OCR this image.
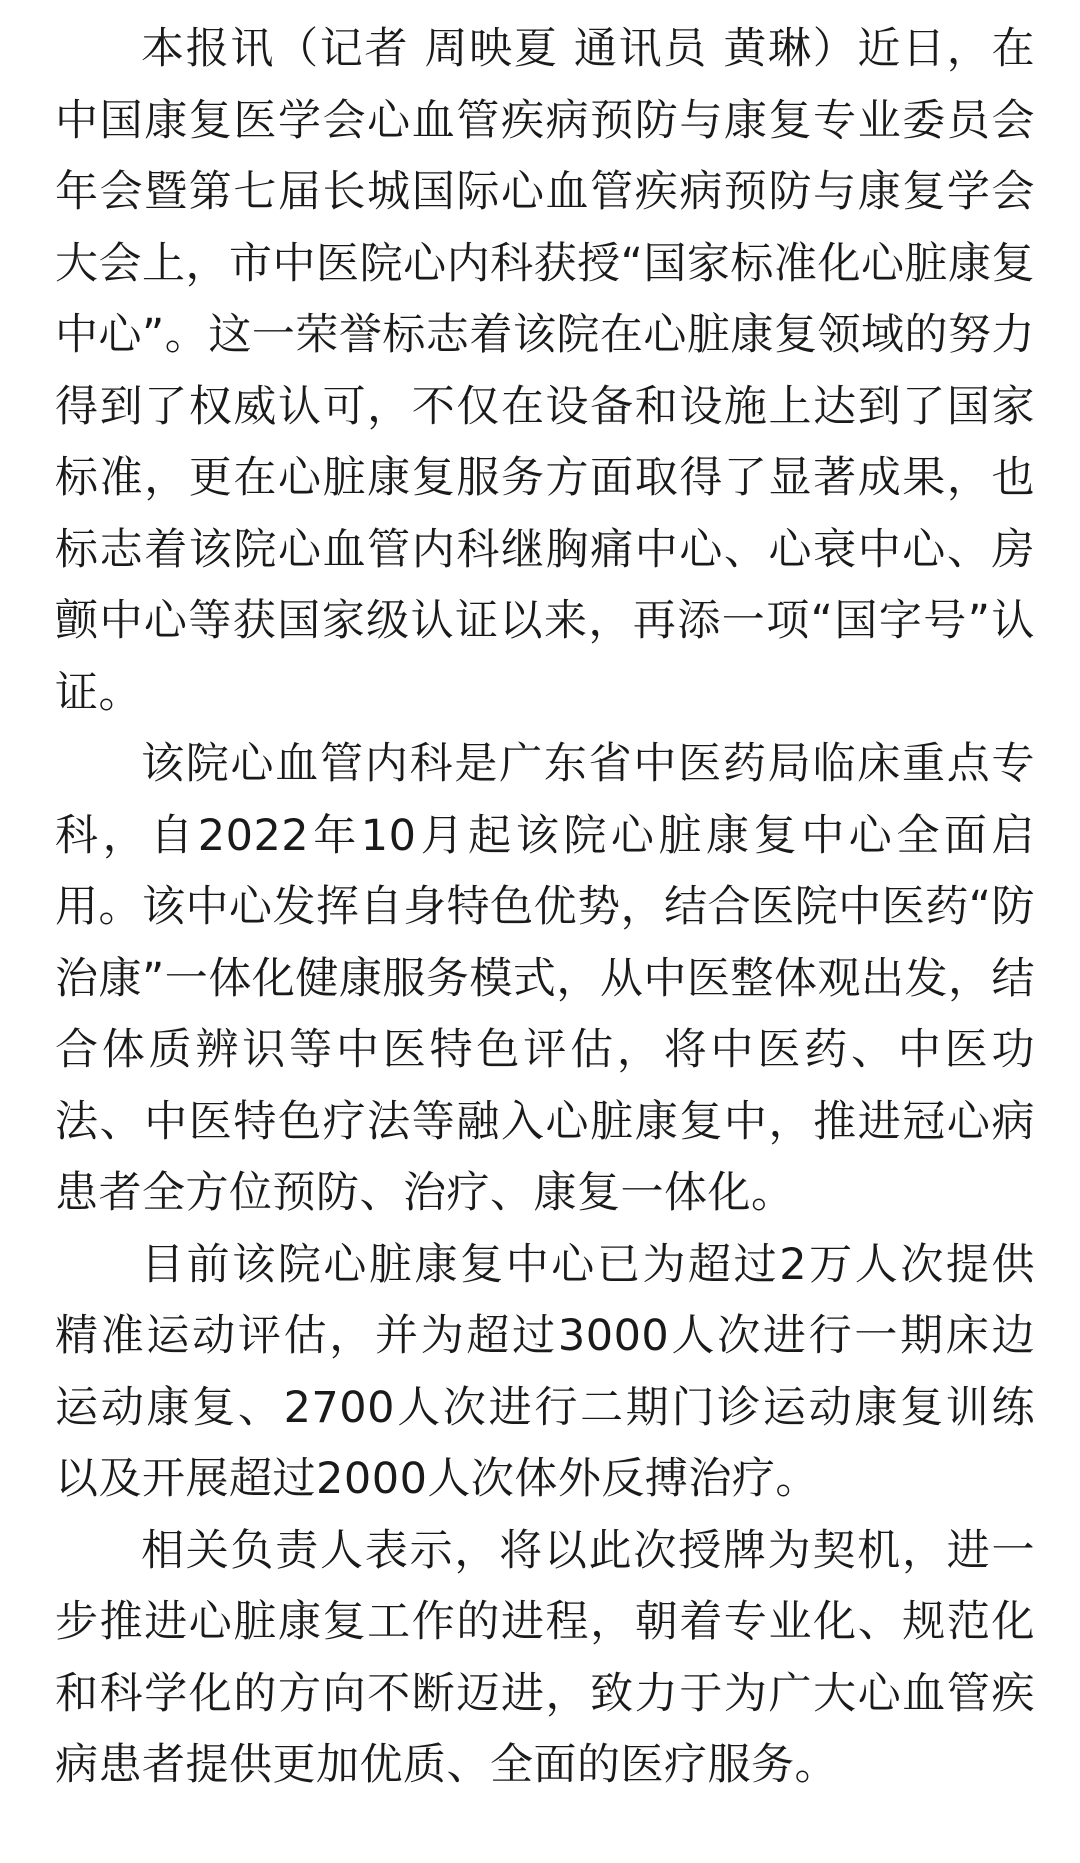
本报讯（记者 周映夏 通讯员 黄琳）近日，在中国康复医学会心血管疾病预防与康复专业委员会年会暨第七届长城国际心血管疾病预防与康复学会大会上，市中医院心内科获授“国家标准化心脏康复中心”。这一荣誉标志着该院在心脏康复领域的努力得到了权威认可，不仅在设备和设施上达到了国家标准，更在心脏康复服务方面取得了显著成果，也标志着该院心血管内科继胸痛中心、心衰中心、房颤中心等获国家级认证以来，再添一项“国字号”认证。

该院心血管内科是广东省中医药局临床重点专科，自2022年10月起该院心脏康复中心全面启用。该中心发挥自身特色优势，结合医院中医药“防治康”一体化健康服务模式，从中医整体观出发，结合体质辨识等中医特色评估，将中医药、中医功法、中医特色疗法等融入心脏康复中，推进冠心病患者全方位预防、治疗、康复一体化。

目前该院心脏康复中心已为超过2万人次提供精准运动评估，并为超过3000人次进行一期床边运动康复、2700人次进行二期门诊运动康复训练以及开展超过2000人次体外反搏治疗。

相关负责人表示，将以此次授牌为契机，进一步推进心脏康复工作的进程，朝着专业化、规范化和科学化的方向不断迈进，致力于为广大心血管疾病患者提供更加优质、全面的医疗服务。
